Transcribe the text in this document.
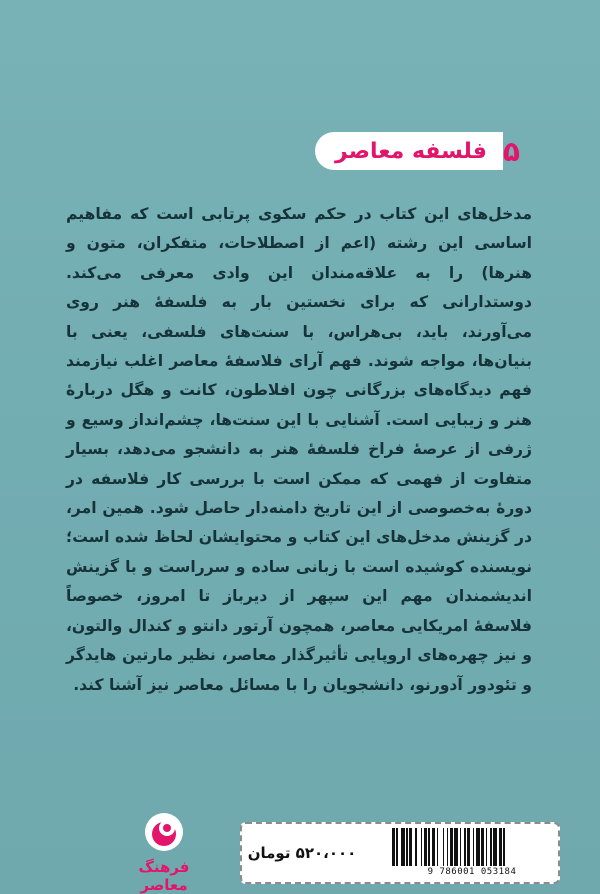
۵
فلسفه معاصر

مدخل‌های این کتاب در حکم سکوی پرتابی است که مفاهیم اساسی این رشته (اعم از اصطلاحات، متفکران، متون و هنرها) را به علاقه‌مندان این وادی معرفی می‌کند. دوستدارانی که برای نخستین بار به فلسفهٔ هنر روی می‌آورند، باید، بی‌هراس، با سنت‌های فلسفی، یعنی با بنیان‌ها، مواجه شوند. فهم آرای فلاسفهٔ معاصر اغلب نیازمند فهم دیدگاه‌های بزرگانی چون افلاطون، کانت و هگل دربارهٔ هنر و زیبایی است. آشنایی با این سنت‌ها، چشم‌انداز وسیع و ژرفی از عرصهٔ فراخ فلسفهٔ هنر به دانشجو می‌دهد، بسیار متفاوت از فهمی که ممکن است با بررسی کار فلاسفه در دورهٔ به‌خصوصی از این تاریخ دامنه‌دار حاصل شود. همین امر، در گزینش مدخل‌های این کتاب و محتوایشان لحاظ شده است؛ نویسنده کوشیده است با زبانی ساده و سرراست و با گزینش اندیشمندان مهم این سپهر از دیرباز تا امروز، خصوصاً فلاسفهٔ امریکایی معاصر، همچون آرتور دانتو و کندال والتون، و نیز چهره‌های اروپایی تأثیرگذار معاصر، نظیر مارتین هایدگر و تئودور آدورنو، دانشجویان را با مسائل معاصر نیز آشنا کند.

فرهنگ معاصر
۵۲۰،۰۰۰ تومان
9 786001 053184
